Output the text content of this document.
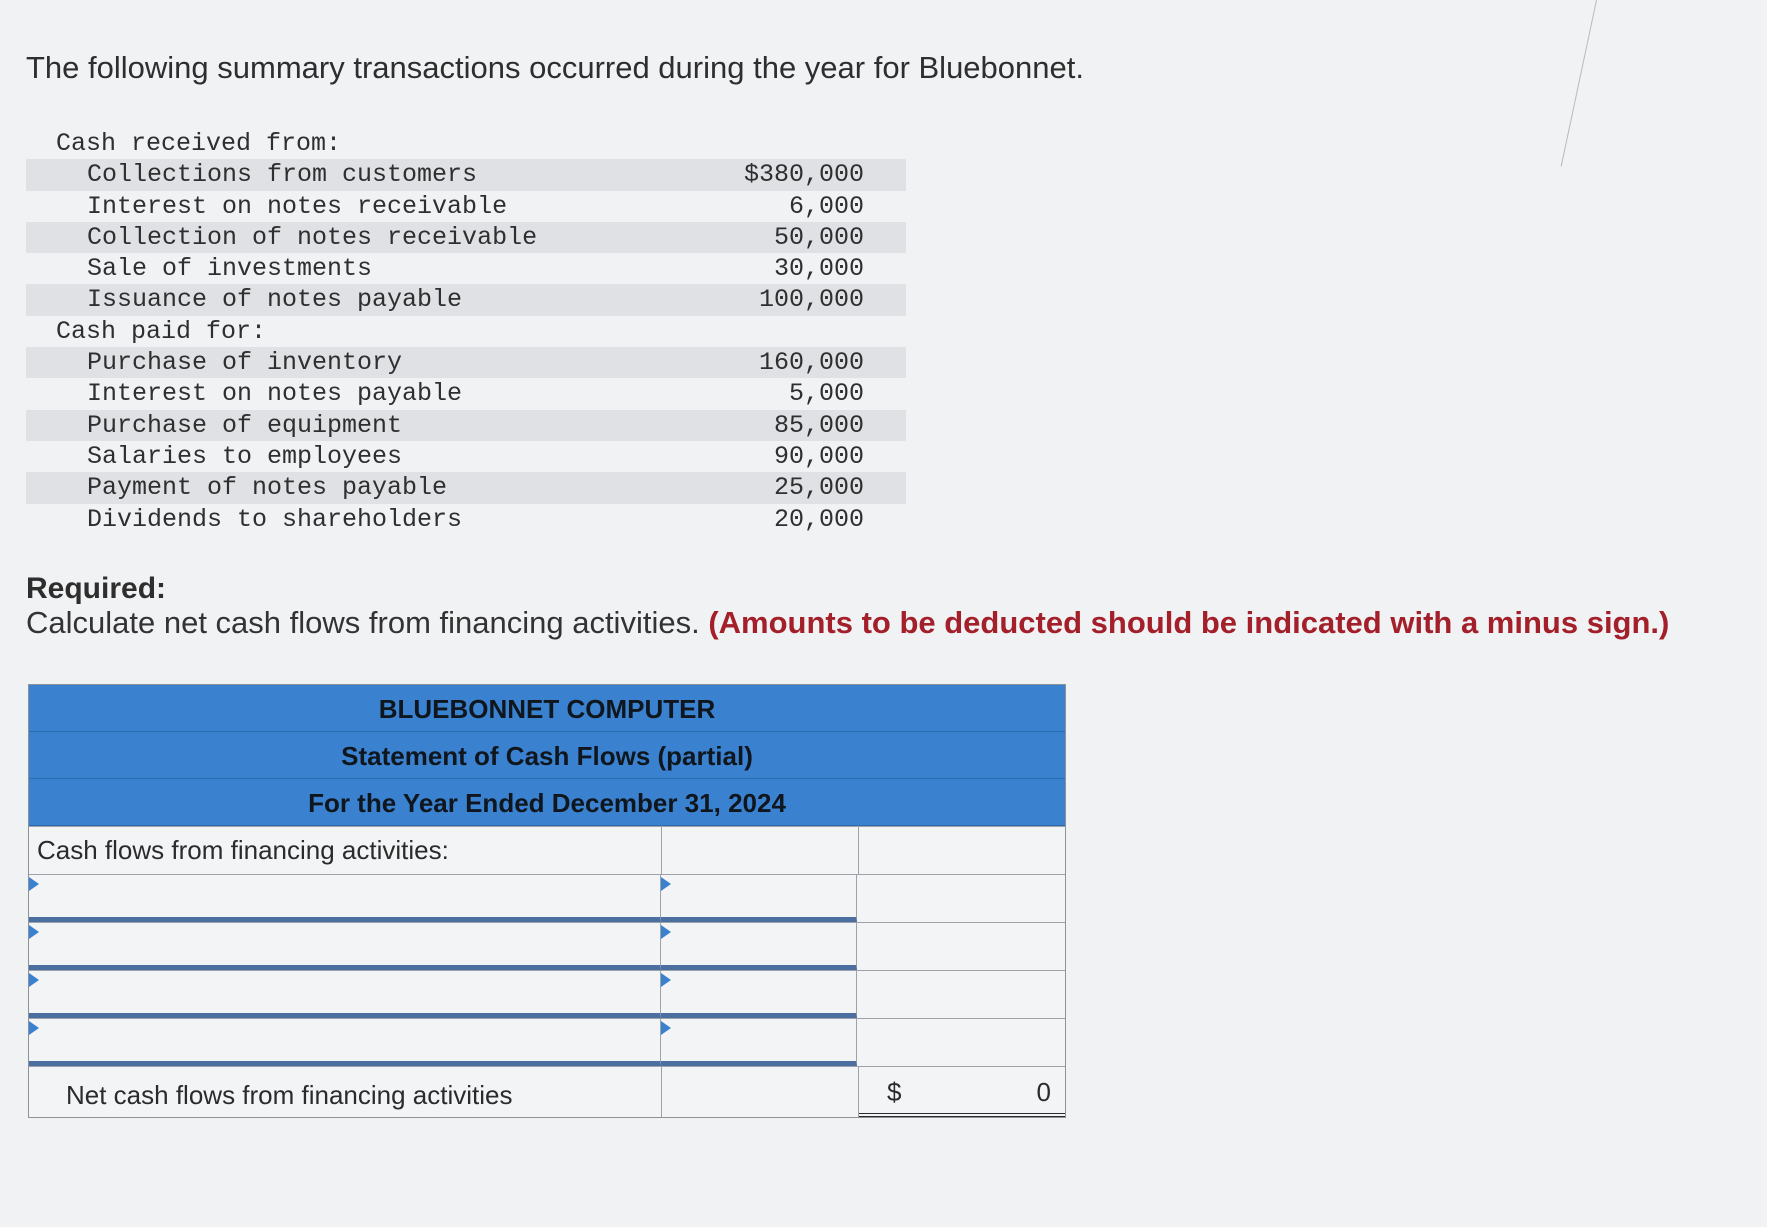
The following summary transactions occurred during the year for Bluebonnet.
Cash received from:
Collections from customers	$380,000
Interest on notes receivable	6,000
Collection of notes receivable	50,000
Sale of investments	30,000
Issuance of notes payable	100,000
Cash paid for:
Purchase of inventory	160,000
Interest on notes payable	5,000
Purchase of equipment	85,000
Salaries to employees	90,000
Payment of notes payable	25,000
Dividends to shareholders	20,000
Required:
Calculate net cash flows from financing activities. (Amounts to be deducted should be indicated with a minus sign.)
BLUEBONNET COMPUTER
Statement of Cash Flows (partial)
For the Year Ended December 31, 2024
Cash flows from financing activities:
Net cash flows from financing activities	$	0
